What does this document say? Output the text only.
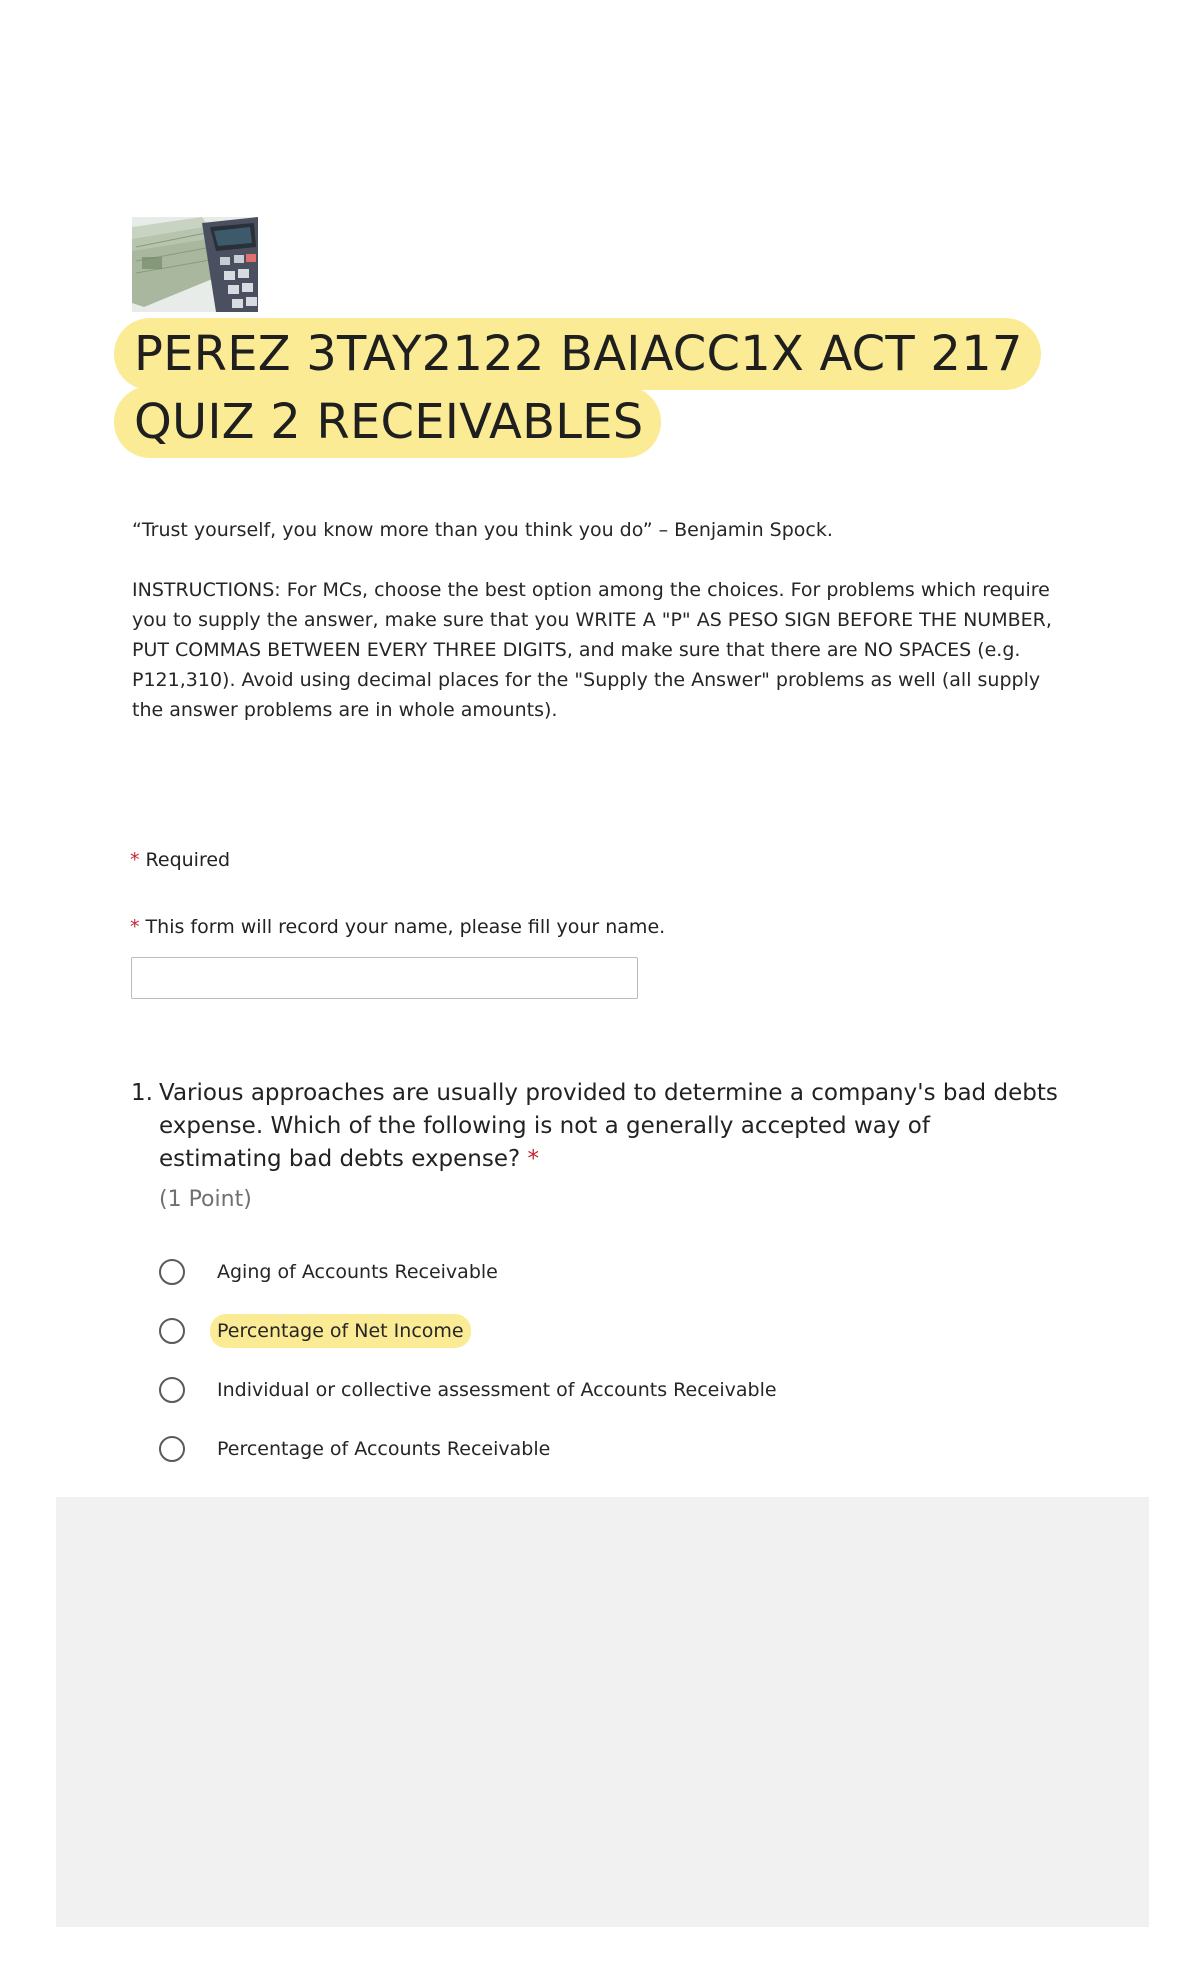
PEREZ 3TAY2122 BAIACC1X ACT 217
QUIZ 2 RECEIVABLES

“Trust yourself, you know more than you think you do” – Benjamin Spock.

INSTRUCTIONS: For MCs, choose the best option among the choices. For problems which require you to supply the answer, make sure that you WRITE A "P" AS PESO SIGN BEFORE THE NUMBER, PUT COMMAS BETWEEN EVERY THREE DIGITS, and make sure that there are NO SPACES (e.g. P121,310). Avoid using decimal places for the "Supply the Answer" problems as well (all supply the answer problems are in whole amounts).

* Required
* This form will record your name, please fill your name.
1. Various approaches are usually provided to determine a company's bad debts expense. Which of the following is not a generally accepted way of estimating bad debts expense? *
(1 Point)
Aging of Accounts Receivable
Percentage of Net Income
Individual or collective assessment of Accounts Receivable
Percentage of Accounts Receivable
